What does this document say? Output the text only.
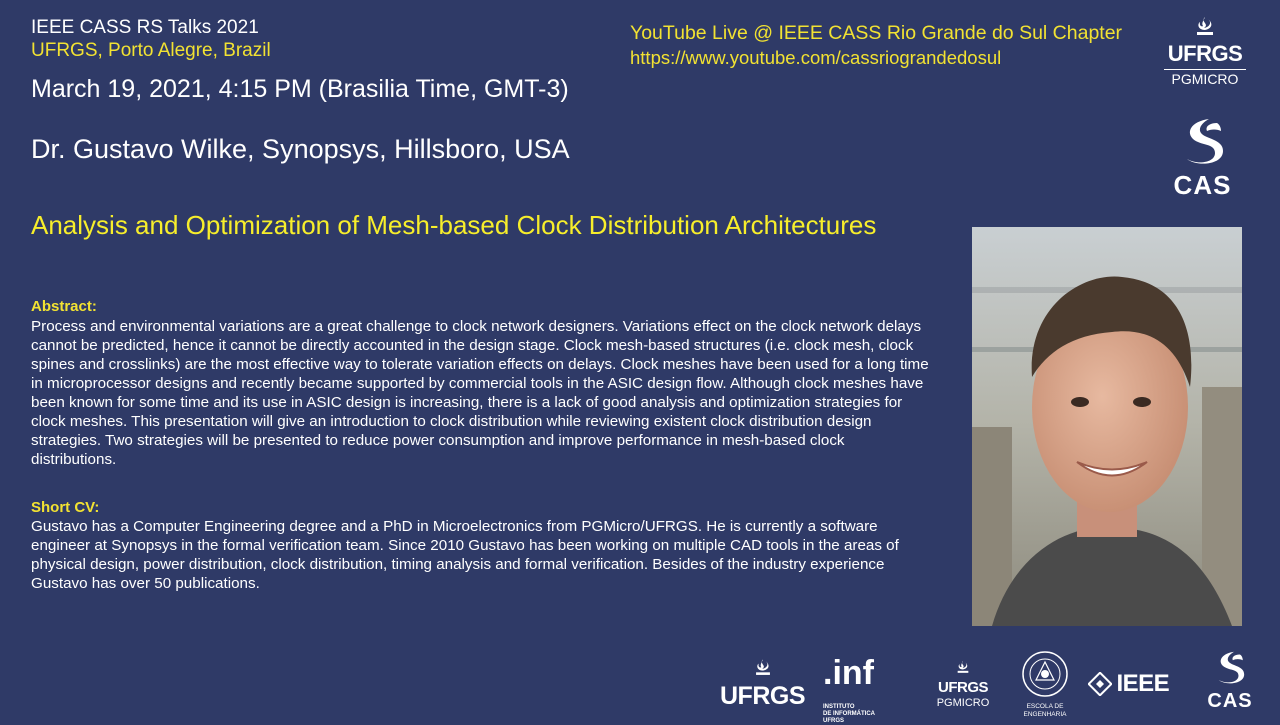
IEEE CASS RS Talks 2021
UFRGS, Porto Alegre, Brazil
March 19, 2021, 4:15 PM (Brasilia Time, GMT-3)
YouTube Live @ IEEE CASS Rio Grande do Sul Chapter
https://www.youtube.com/cassriograndedosul
Dr. Gustavo Wilke, Synopsys, Hillsboro, USA
Analysis and Optimization of Mesh-based Clock Distribution Architectures
Abstract:
Process and environmental variations are a great challenge to clock network designers. Variations effect on the clock network delays cannot be predicted, hence it cannot be directly accounted in the design stage. Clock mesh-based structures (i.e. clock mesh, clock spines and crosslinks) are the most effective way to tolerate variation effects on delays. Clock meshes have been used for a long time in microprocessor designs and recently became supported by commercial tools in the ASIC design flow. Although clock meshes have been known for some time and its use in ASIC design is increasing, there is a lack of good analysis and optimization strategies for clock meshes. This presentation will give an introduction to clock distribution while reviewing existent clock distribution design strategies. Two strategies will be presented to reduce power consumption and improve performance in mesh-based clock distributions.
Short CV:
Gustavo has a Computer Engineering degree and a PhD in Microelectronics from PGMicro/UFRGS. He is currently a software engineer at Synopsys in the formal verification team. Since 2010 Gustavo has been working on multiple CAD tools in the areas of physical design, power distribution, clock distribution, timing analysis and formal verification. Besides of the industry experience Gustavo has over 50 publications.
UFRGS
PGMICRO
CAS
UFRGS
.inf
INSTITUTO
DE INFORMÁTICA
UFRGS
UFRGS
PGMICRO	ESCOLA DE ENGENHARIA
IEEE
CAS
